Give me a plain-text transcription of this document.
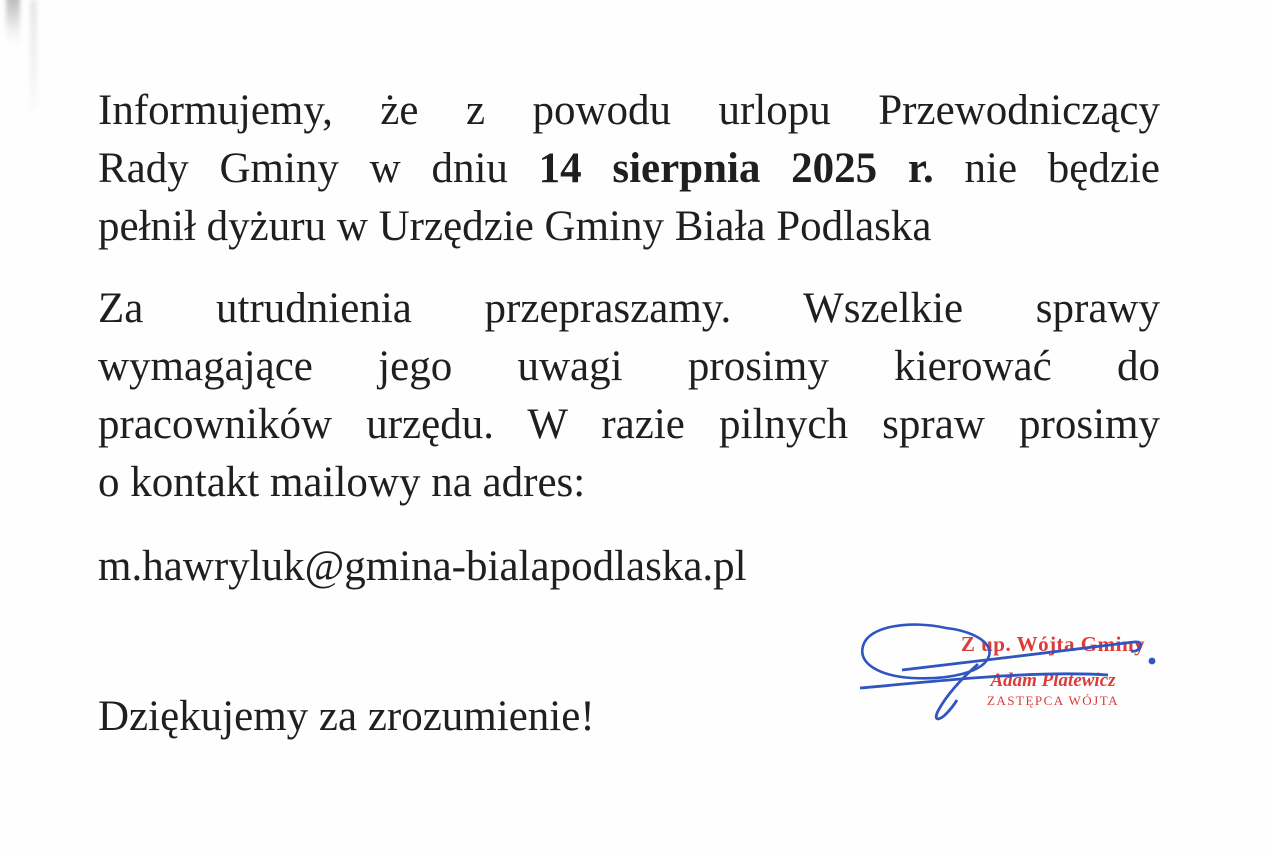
Informujemy, że z powodu urlopu Przewodniczący
Rady Gminy w dniu 14 sierpnia 2025 r. nie będzie
pełnił dyżuru w Urzędzie Gminy Biała Podlaska
Za utrudnienia przepraszamy. Wszelkie sprawy
wymagające jego uwagi prosimy kierować do
pracowników urzędu. W razie pilnych spraw prosimy
o kontakt mailowy na adres:
m.hawryluk@gmina-bialapodlaska.pl
Dziękujemy za zrozumienie!
Z up. Wójta Gminy
Adam Platewicz
ZASTĘPCA WÓJTA
